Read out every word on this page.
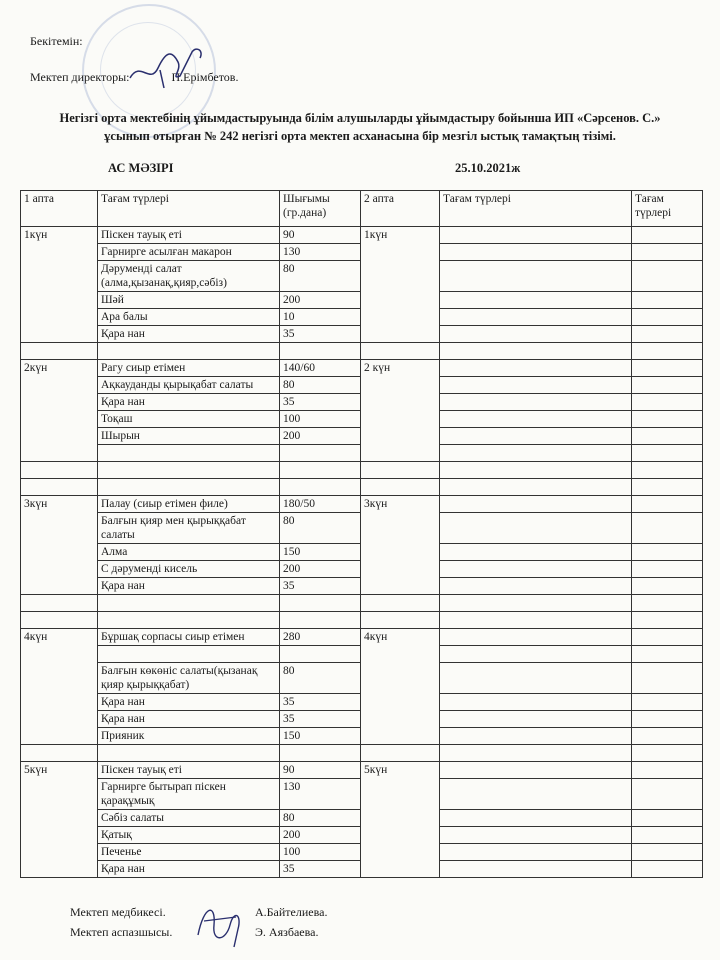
Бекітемін:
Мектеп директоры:	П.Ерімбетов.
Негізгі орта мектебінің ұйымдастыруында білім алушыларды ұйымдастыру бойынша ИП «Сәрсенов. С.»
ұсынып отырған № 242 негізгі орта мектеп асханасына бір мезгіл ыстық тамақтың тізімі.
АС МӘЗІРІ	25.10.2021ж
1 апта	Тағам түрлері	Шығымы (гр.дана)	2 апта	Тағам түрлері	Тағам түрлері
1күн	Піскен тауық еті	90	1күн		
	Гарнирге асылған макарон	130			
	Дәруменді салат (алма,қызанақ,қияр,сәбіз)	80			
	Шәй	200			
	Ара балы	10			
	Қара нан	35			

2күн	Рагу сиыр етімен	140/60	2 күн		
	Ақкауданды қырықабат салаты	80			
	Қара нан	35			
	Тоқаш	100			
	Шырын	200			

3күн	Палау (сиыр етімен филе)	180/50	3күн		
	Балғын қияр мен қырыққабат салаты	80			
	Алма	150			
	С дәруменді кисель	200			
	Қара нан	35			

4күн	Бұршақ сорпасы сиыр етімен	280	4күн		

	Балғын көкөніс салаты(қызанақ қияр қырыққабат)	80			
	Қара нан	35			
	Қара нан	35			
	Прияник	150			

5күн	Піскен тауық еті	90	5күн		
	Гарнирге бытырап піскен қарақұмық	130			
	Сәбіз салаты	80			
	Қатық	200			
	Печенье	100			
	Қара нан	35			
Мектеп медбикесі.	А.Байтелиева.
Мектеп аспазшысы.	Э. Аязбаева.
